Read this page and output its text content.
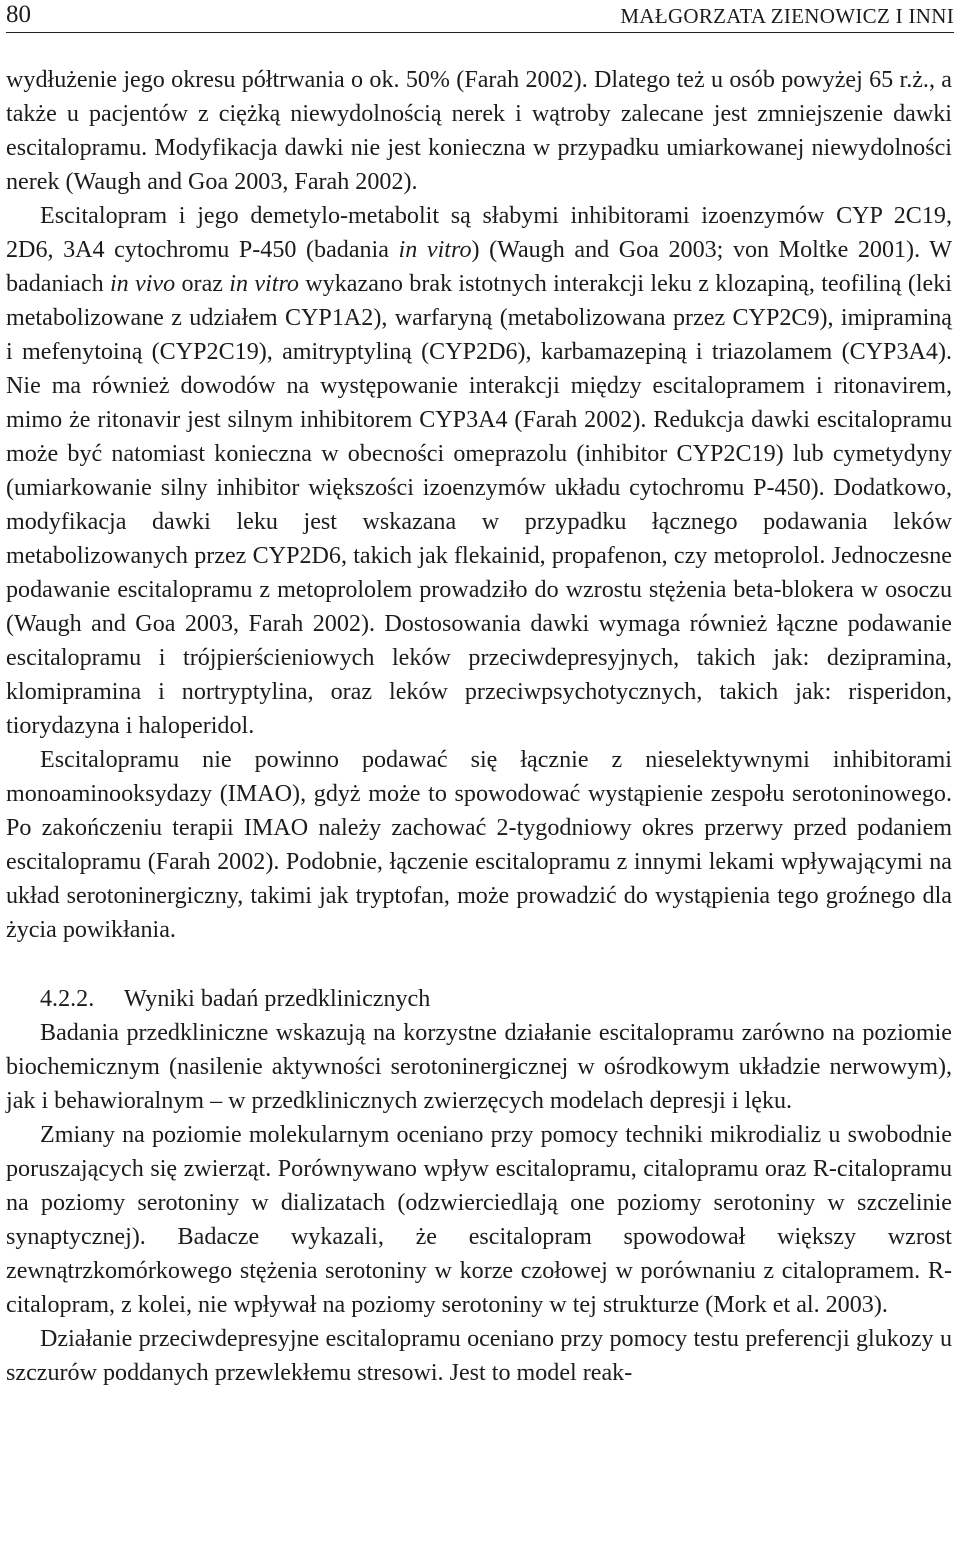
80	MAŁGORZATA ZIENOWICZ I INNI

wydłużenie jego okresu półtrwania o ok. 50% (Farah 2002). Dlatego też u osób powyżej 65 r.ż., a także u pacjentów z ciężką niewydolnością nerek i wątroby zalecane jest zmniejszenie dawki escitalopramu. Modyfikacja dawki nie jest konieczna w przypadku umiarkowanej niewydolności nerek (Waugh and Goa 2003, Farah 2002).

Escitalopram i jego demetylo-metabolit są słabymi inhibitorami izoenzymów CYP 2C19, 2D6, 3A4 cytochromu P-450 (badania in vitro) (Waugh and Goa 2003; von Moltke 2001). W badaniach in vivo oraz in vitro wykazano brak istotnych interakcji leku z klozapiną, teofiliną (leki metabolizowane z udziałem CYP1A2), warfaryną (metabolizowana przez CYP2C9), imipraminą i mefenytoiną (CYP2C19), amitryptyliną (CYP2D6), karbamazepiną i triazolamem (CYP3A4). Nie ma również dowodów na występowanie interakcji między escitalopramem i ritonavirem, mimo że ritonavir jest silnym inhibitorem CYP3A4 (Farah 2002). Redukcja dawki escitalopramu może być natomiast konieczna w obecności omeprazolu (inhibitor CYP2C19) lub cymetydyny (umiarkowanie silny inhibitor większości izoenzymów układu cytochromu P-450). Dodatkowo, modyfikacja dawki leku jest wskazana w przypadku łącznego podawania leków metabolizowanych przez CYP2D6, takich jak flekainid, propafenon, czy metoprolol. Jednoczesne podawanie escitalopramu z metoprololem prowadziło do wzrostu stężenia beta-blokera w osoczu (Waugh and Goa 2003, Farah 2002). Dostosowania dawki wymaga również łączne podawanie escitalopramu i trójpierścieniowych leków przeciwdepresyjnych, takich jak: dezipramina, klomipramina i nortryptylina, oraz leków przeciwpsychotycznych, takich jak: risperidon, tiorydazyna i haloperidol.

Escitalopramu nie powinno podawać się łącznie z nieselektywnymi inhibitorami monoaminooksydazy (IMAO), gdyż może to spowodować wystąpienie zespołu serotoninowego. Po zakończeniu terapii IMAO należy zachować 2-tygodniowy okres przerwy przed podaniem escitalopramu (Farah 2002). Podobnie, łączenie escitalopramu z innymi lekami wpływającymi na układ serotoninergiczny, takimi jak tryptofan, może prowadzić do wystąpienia tego groźnego dla życia powikłania.

4.2.2. Wyniki badań przedklinicznych

Badania przedkliniczne wskazują na korzystne działanie escitalopramu zarówno na poziomie biochemicznym (nasilenie aktywności serotoninergicznej w ośrodkowym układzie nerwowym), jak i behawioralnym – w przedklinicznych zwierzęcych modelach depresji i lęku.

Zmiany na poziomie molekularnym oceniano przy pomocy techniki mikrodializ u swobodnie poruszających się zwierząt. Porównywano wpływ escitalopramu, citalopramu oraz R-citalopramu na poziomy serotoniny w dializatach (odzwierciedlają one poziomy serotoniny w szczelinie synaptycznej). Badacze wykazali, że escitalopram spowodował większy wzrost zewnątrzkomórkowego stężenia serotoniny w korze czołowej w porównaniu z citalopramem. R-citalopram, z kolei, nie wpływał na poziomy serotoniny w tej strukturze (Mork et al. 2003).

Działanie przeciwdepresyjne escitalopramu oceniano przy pomocy testu preferencji glukozy u szczurów poddanych przewlekłemu stresowi. Jest to model reak-
